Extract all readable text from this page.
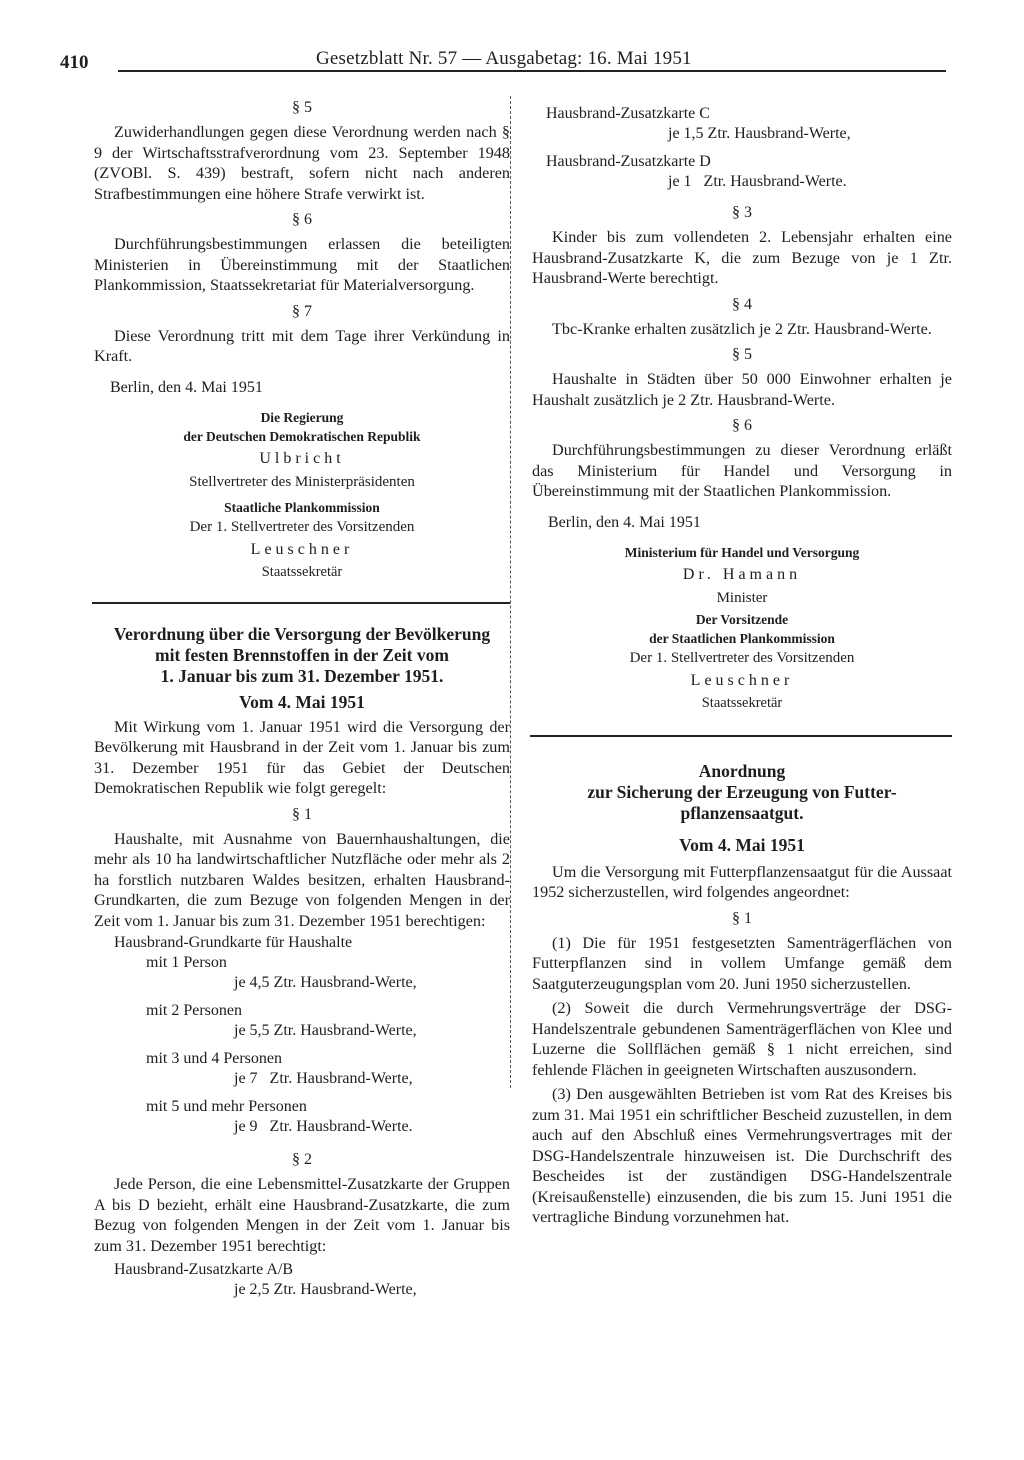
410	Gesetzblatt Nr. 57 — Ausgabetag: 16. Mai 1951

§ 5

Zuwiderhandlungen gegen diese Verordnung werden nach § 9 der Wirtschaftsstrafverordnung vom 23. September 1948 (ZVOBl. S. 439) bestraft, sofern nicht nach anderen Strafbestimmungen eine höhere Strafe verwirkt ist.

§ 6

Durchführungsbestimmungen erlassen die beteiligten Ministerien in Übereinstimmung mit der Staatlichen Plankommission, Staatssekretariat für Materialversorgung.

§ 7

Diese Verordnung tritt mit dem Tage ihrer Verkündung in Kraft.

Berlin, den 4. Mai 1951

Die Regierung

der Deutschen Demokratischen Republik

Ulbricht

Stellvertreter des Ministerpräsidenten

Staatliche Plankommission

Der 1. Stellvertreter des Vorsitzenden

Leuschner

Staatssekretär

Verordnung über die Versorgung der Bevölkerung

mit festen Brennstoffen in der Zeit vom

1. Januar bis zum 31. Dezember 1951.

Vom 4. Mai 1951

Mit Wirkung vom 1. Januar 1951 wird die Versorgung der Bevölkerung mit Hausbrand in der Zeit vom 1. Januar bis zum 31. Dezember 1951 für das Gebiet der Deutschen Demokratischen Republik wie folgt geregelt:

§ 1

Haushalte, mit Ausnahme von Bauernhaushaltungen, die mehr als 10 ha landwirtschaftlicher Nutzfläche oder mehr als 2 ha forstlich nutzbaren Waldes besitzen, erhalten Hausbrand-Grundkarten, die zum Bezuge von folgenden Mengen in der Zeit vom 1. Januar bis zum 31. Dezember 1951 berechtigen:

Hausbrand-Grundkarte für Haushalte

mit 1 Person

je 4,5 Ztr. Hausbrand-Werte,

mit 2 Personen

je 5,5 Ztr. Hausbrand-Werte,

mit 3 und 4 Personen

je 7   Ztr. Hausbrand-Werte,

mit 5 und mehr Personen

je 9   Ztr. Hausbrand-Werte.

§ 2

Jede Person, die eine Lebensmittel-Zusatzkarte der Gruppen A bis D bezieht, erhält eine Hausbrand-Zusatzkarte, die zum Bezug von folgenden Mengen in der Zeit vom 1. Januar bis zum 31. Dezember 1951 berechtigt:

Hausbrand-Zusatzkarte A/B

je 2,5 Ztr. Hausbrand-Werte,

Hausbrand-Zusatzkarte C

je 1,5 Ztr. Hausbrand-Werte,

Hausbrand-Zusatzkarte D

je 1   Ztr. Hausbrand-Werte.

§ 3

Kinder bis zum vollendeten 2. Lebensjahr erhalten eine Hausbrand-Zusatzkarte K, die zum Bezuge von je 1 Ztr. Hausbrand-Werte berechtigt.

§ 4

Tbc-Kranke erhalten zusätzlich je 2 Ztr. Hausbrand-Werte.

§ 5

Haushalte in Städten über 50 000 Einwohner erhalten je Haushalt zusätzlich je 2 Ztr. Hausbrand-Werte.

§ 6

Durchführungsbestimmungen zu dieser Verordnung erläßt das Ministerium für Handel und Versorgung in Übereinstimmung mit der Staatlichen Plankommission.

Berlin, den 4. Mai 1951

Ministerium für Handel und Versorgung

Dr. Hamann

Minister

Der Vorsitzende

der Staatlichen Plankommission

Der 1. Stellvertreter des Vorsitzenden

Leuschner

Staatssekretär

Anordnung

zur Sicherung der Erzeugung von Futter-

pflanzensaatgut.

Vom 4. Mai 1951

Um die Versorgung mit Futterpflanzensaatgut für die Aussaat 1952 sicherzustellen, wird folgendes angeordnet:

§ 1

(1) Die für 1951 festgesetzten Samenträgerflächen von Futterpflanzen sind in vollem Umfange gemäß dem Saatguterzeugungsplan vom 20. Juni 1950 sicherzustellen.

(2) Soweit die durch Vermehrungsverträge der DSG-Handelszentrale gebundenen Samenträgerflächen von Klee und Luzerne die Sollflächen gemäß § 1 nicht erreichen, sind fehlende Flächen in geeigneten Wirtschaften auszusondern.

(3) Den ausgewählten Betrieben ist vom Rat des Kreises bis zum 31. Mai 1951 ein schriftlicher Bescheid zuzustellen, in dem auch auf den Abschluß eines Vermehrungsvertrages mit der DSG-Handelszentrale hinzuweisen ist. Die Durchschrift des Bescheides ist der zuständigen DSG-Handelszentrale (Kreisaußenstelle) einzusenden, die bis zum 15. Juni 1951 die vertragliche Bindung vorzunehmen hat.
